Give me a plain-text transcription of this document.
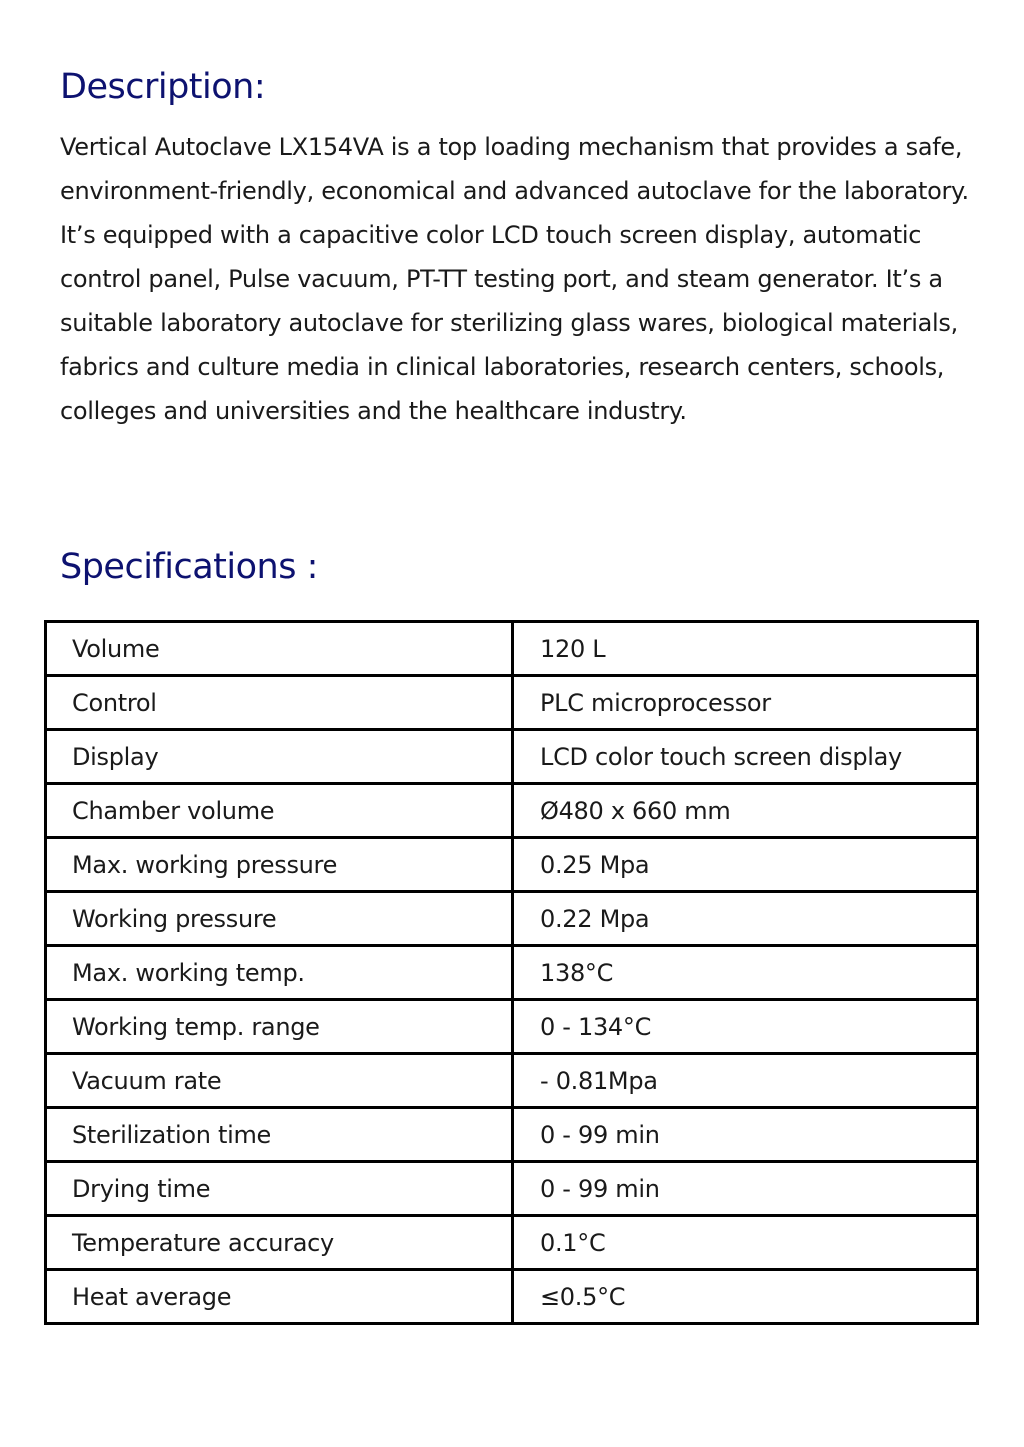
Description:

Vertical Autoclave LX154VA is a top loading mechanism that provides a safe, environment-friendly, economical and advanced autoclave for the laboratory. It’s equipped with a capacitive color LCD touch screen display, automatic control panel, Pulse vacuum, PT-TT testing port, and steam generator. It’s a suitable laboratory autoclave for sterilizing glass wares, biological materials, fabrics and culture media in clinical laboratories, research centers, schools, colleges and universities and the healthcare industry.

Specifications :
Volume	120 L
Control	PLC microprocessor
Display	LCD color touch screen display
Chamber volume	Ø480 x 660 mm
Max. working pressure	0.25 Mpa
Working pressure	0.22 Mpa
Max. working temp.	138°C
Working temp. range	0 - 134°C
Vacuum rate	- 0.81Mpa
Sterilization time	0 - 99 min
Drying time	0 - 99 min
Temperature accuracy	0.1°C
Heat average	≤0.5°C
